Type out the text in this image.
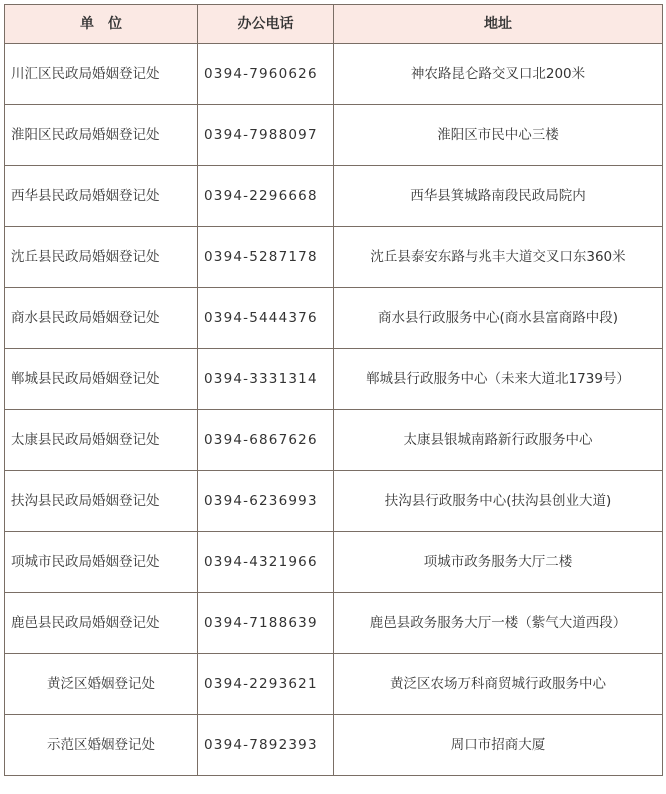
单　位	办公电话	地址
川汇区民政局婚姻登记处	0394-7960626	神农路昆仑路交叉口北200米
淮阳区民政局婚姻登记处	0394-7988097	淮阳区市民中心三楼
西华县民政局婚姻登记处	0394-2296668	西华县箕城路南段民政局院内
沈丘县民政局婚姻登记处	0394-5287178	沈丘县泰安东路与兆丰大道交叉口东360米
商水县民政局婚姻登记处	0394-5444376	商水县行政服务中心(商水县富商路中段)
郸城县民政局婚姻登记处	0394-3331314	郸城县行政服务中心（未来大道北1739号）
太康县民政局婚姻登记处	0394-6867626	太康县银城南路新行政服务中心
扶沟县民政局婚姻登记处	0394-6236993	扶沟县行政服务中心(扶沟县创业大道)
项城市民政局婚姻登记处	0394-4321966	项城市政务服务大厅二楼
鹿邑县民政局婚姻登记处	0394-7188639	鹿邑县政务服务大厅一楼（紫气大道西段）
黄泛区婚姻登记处	0394-2293621	黄泛区农场万科商贸城行政服务中心
示范区婚姻登记处	0394-7892393	周口市招商大厦
